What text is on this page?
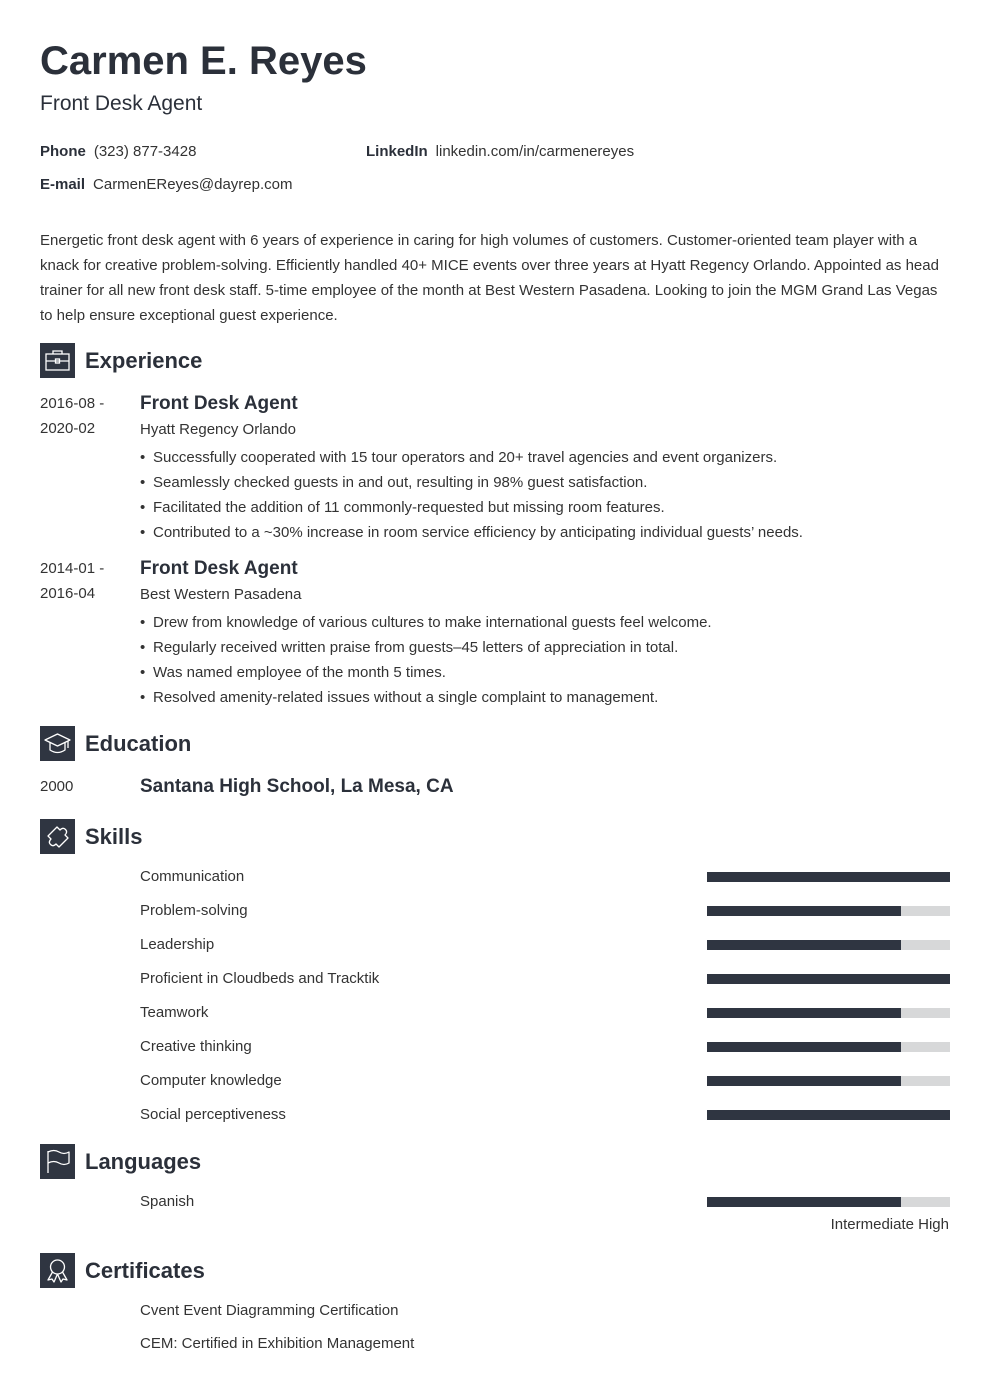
Carmen E. Reyes
Front Desk Agent
Phone (323) 877-3428	LinkedIn linkedin.com/in/carmenereyes
E-mail CarmenEReyes@dayrep.com
Energetic front desk agent with 6 years of experience in caring for high volumes of customers. Customer-oriented team player with a knack for creative problem-solving. Efficiently handled 40+ MICE events over three years at Hyatt Regency Orlando. Appointed as head trainer for all new front desk staff. 5-time employee of the month at Best Western Pasadena. Looking to join the MGM Grand Las Vegas to help ensure exceptional guest experience.
Experience
2016-08 -
2020-02
Front Desk Agent
Hyatt Regency Orlando
• Successfully cooperated with 15 tour operators and 20+ travel agencies and event organizers.
• Seamlessly checked guests in and out, resulting in 98% guest satisfaction.
• Facilitated the addition of 11 commonly-requested but missing room features.
• Contributed to a ~30% increase in room service efficiency by anticipating individual guests’ needs.
2014-01 -
2016-04
Front Desk Agent
Best Western Pasadena
• Drew from knowledge of various cultures to make international guests feel welcome.
• Regularly received written praise from guests–45 letters of appreciation in total.
• Was named employee of the month 5 times.
• Resolved amenity-related issues without a single complaint to management.
Education
2000	Santana High School, La Mesa, CA
Skills
Communication
Problem-solving
Leadership
Proficient in Cloudbeds and Tracktik
Teamwork
Creative thinking
Computer knowledge
Social perceptiveness
Languages
Spanish
Intermediate High
Certificates
Cvent Event Diagramming Certification
CEM: Certified in Exhibition Management
